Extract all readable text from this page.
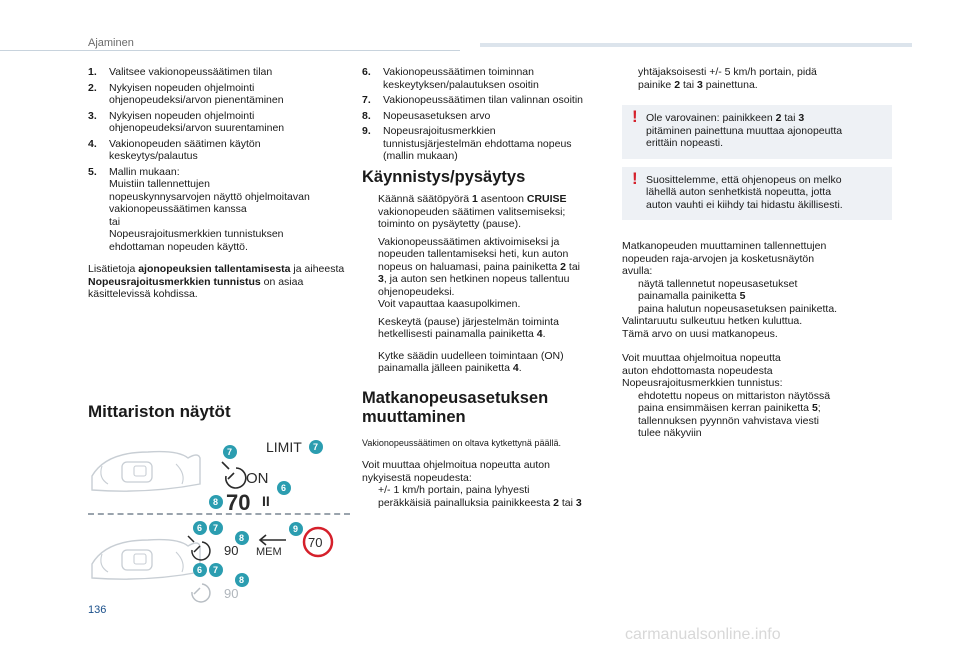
Ajaminen
1.	Valitsee vakionopeussäätimen tilan
2.	Nykyisen nopeuden ohjelmointi
ohjenopeudeksi/arvon pienentäminen
3.	Nykyisen nopeuden ohjelmointi
ohjenopeudeksi/arvon suurentaminen
4.	Vakionopeuden säätimen käytön
keskeytys/palautus
5.	Mallin mukaan:
Muistiin tallennettujen
nopeuskynnysarvojen näyttö ohjelmoitavan
vakionopeussäätimen kanssa
tai
Nopeusrajoitusmerkkien tunnistuksen
ehdottaman nopeuden käyttö.

Lisätietoja ajonopeuksien tallentamisesta ja aiheesta Nopeusrajoitusmerkkien tunnistus on asiaa käsittelevissä kohdissa.

Mittariston näytöt
LIMIT 7
7
ON
6
8 70 II
6 7
8
9
90 MEM
70
6 7
8
90
6.	Vakionopeussäätimen toiminnan
keskeytyksen/palautuksen osoitin
7.	Vakionopeussäätimen tilan valinnan osoitin
8.	Nopeusasetuksen arvo
9.	Nopeusrajoitusmerkkien
tunnistusjärjestelmän ehdottama nopeus
(mallin mukaan)
Käynnistys/pysäytys
Käännä säätöpyörä 1 asentoon CRUISE
vakionopeuden säätimen valitsemiseksi;
toiminto on pysäytetty (pause).
Vakionopeussäätimen aktivoimiseksi ja
nopeuden tallentamiseksi heti, kun auton
nopeus on haluamasi, paina painiketta 2 tai
3, ja auton sen hetkinen nopeus tallentuu
ohjenopeudeksi.
Voit vapauttaa kaasupolkimen.
Keskeytä (pause) järjestelmän toiminta
hetkellisesti painamalla painiketta 4.
Kytke säädin uudelleen toimintaan (ON)
painamalla jälleen painiketta 4.
Matkanopeusasetuksen
muuttaminen
Vakionopeussäätimen on oltava kytkettynä päällä.

Voit muuttaa ohjelmoitua nopeutta auton
nykyisestä nopeudesta:

+/- 1 km/h portain, paina lyhyesti
peräkkäisiä painalluksia painikkeesta 2 tai 3
yhtäjaksoisesti +/- 5 km/h portain, pidä
painike 2 tai 3 painettuna.
! Ole varovainen: painikkeen 2 tai 3
pitäminen painettuna muuttaa ajonopeutta
erittäin nopeasti.
! Suosittelemme, että ohjenopeus on melko
lähellä auton senhetkistä nopeutta, jotta
auton vauhti ei kiihdy tai hidastu äkillisesti.

Matkanopeuden muuttaminen tallennettujen
nopeuden raja-arvojen ja kosketusnäytön
avulla:

näytä tallennetut nopeusasetukset
painamalla painiketta 5
paina halutun nopeusasetuksen painiketta.

Valintaruutu sulkeutuu hetken kuluttua.
Tämä arvo on uusi matkanopeus.

Voit muuttaa ohjelmoitua nopeutta
auton ehdottomasta nopeudesta
Nopeusrajoitusmerkkien tunnistus:

ehdotettu nopeus on mittariston näytössä
paina ensimmäisen kerran painiketta 5;
tallennuksen pyynnön vahvistava viesti
tulee näkyviin
136
carmanualsonline.info
